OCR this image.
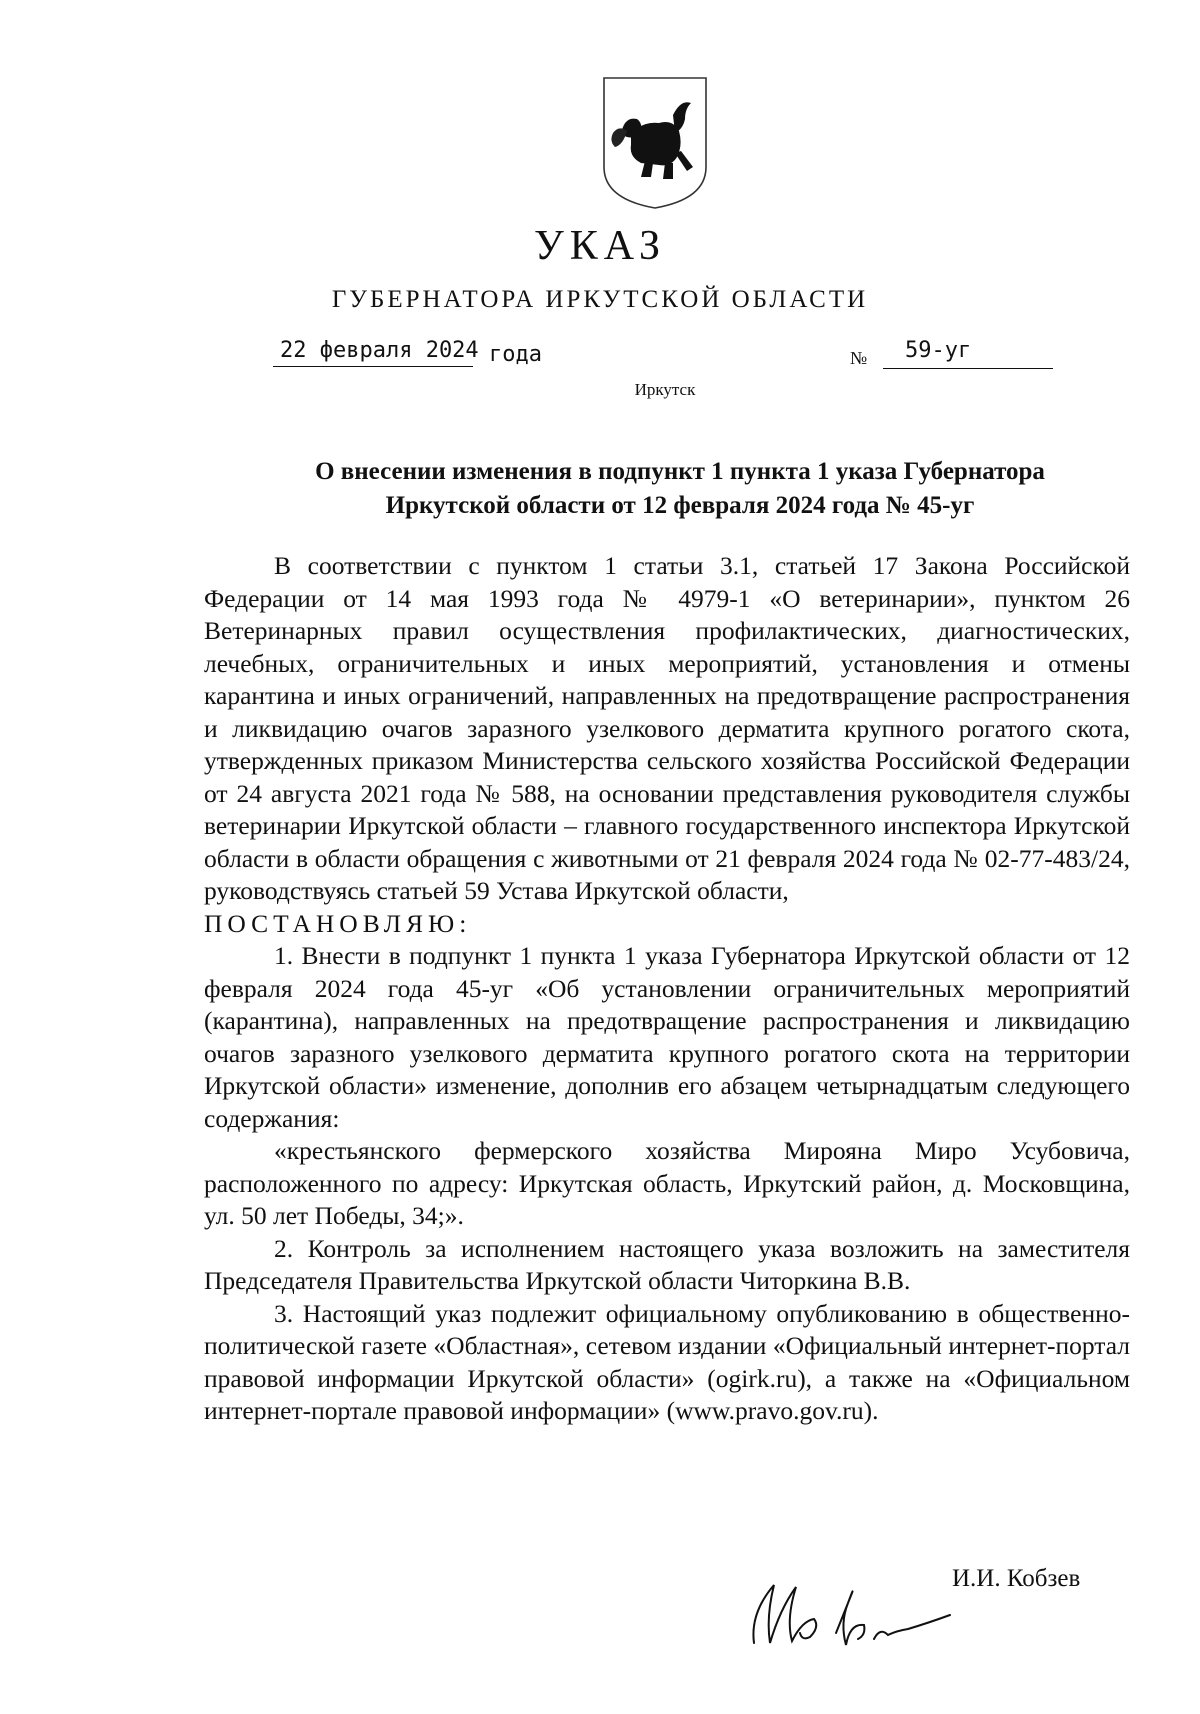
УКАЗ
ГУБЕРНАТОРА ИРКУТСКОЙ ОБЛАСТИ
22 февраля 2024 года	№ 59-уг
Иркутск
О внесении изменения в подпункт 1 пункта 1 указа Губернатора
Иркутской области от 12 февраля 2024 года № 45-уг

В соответствии с пунктом 1 статьи 3.1, статьей 17 Закона Российской Федерации от 14 мая 1993 года № 4979-1 «О ветеринарии», пунктом 26 Ветеринарных правил осуществления профилактических, диагностических, лечебных, ограничительных и иных мероприятий, установления и отмены карантина и иных ограничений, направленных на предотвращение распространения и ликвидацию очагов заразного узелкового дерматита крупного рогатого скота, утвержденных приказом Министерства сельского хозяйства Российской Федерации от 24 августа 2021 года № 588, на основании представления руководителя службы ветеринарии Иркутской области – главного государственного инспектора Иркутской области в области обращения с животными от 21 февраля 2024 года № 02-77-483/24, руководствуясь статьей 59 Устава Иркутской области,

ПОСТАНОВЛЯЮ:

1. Внести в подпункт 1 пункта 1 указа Губернатора Иркутской области от 12 февраля 2024 года 45-уг «Об установлении ограничительных мероприятий (карантина), направленных на предотвращение распространения и ликвидацию очагов заразного узелкового дерматита крупного рогатого скота на территории Иркутской области» изменение, дополнив его абзацем четырнадцатым следующего содержания:

«крестьянского фермерского хозяйства Мирояна Миро Усубовича, расположенного по адресу: Иркутская область, Иркутский район, д. Московщина, ул. 50 лет Победы, 34;».

2. Контроль за исполнением настоящего указа возложить на заместителя Председателя Правительства Иркутской области Читоркина В.В.

3. Настоящий указ подлежит официальному опубликованию в общественно-политической газете «Областная», сетевом издании «Официальный интернет-портал правовой информации Иркутской области» (ogirk.ru), а также на «Официальном интернет-портале правовой информации» (www.pravo.gov.ru).

И.И. Кобзев
